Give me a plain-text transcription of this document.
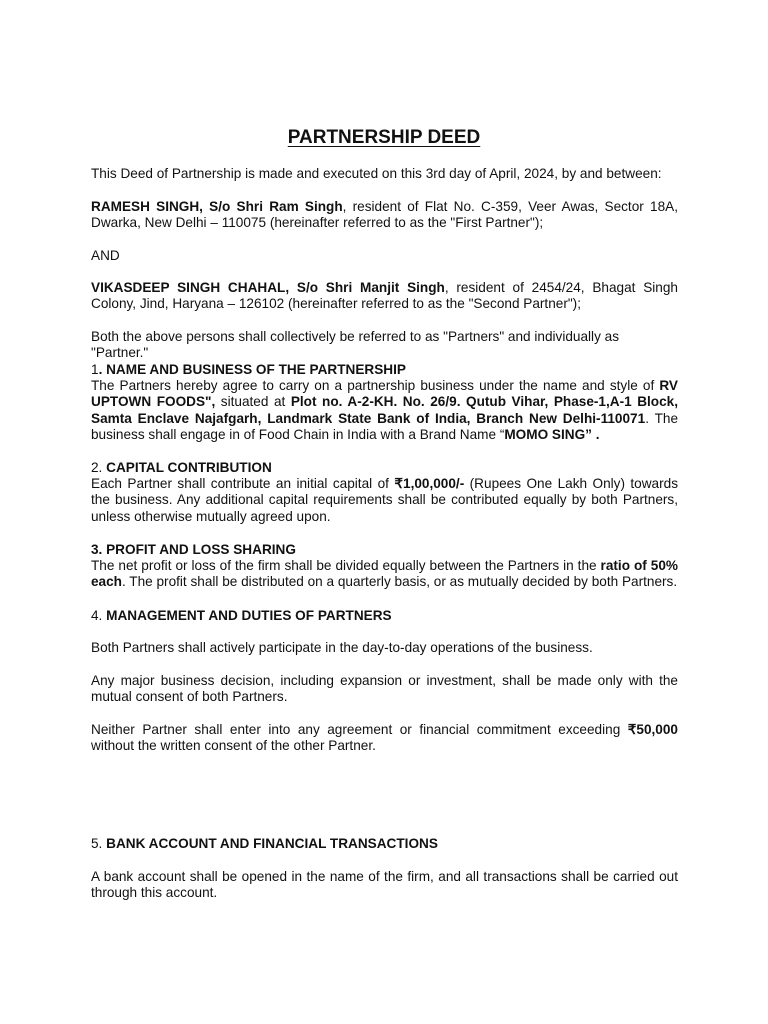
PARTNERSHIP DEED
This Deed of Partnership is made and executed on this 3rd day of April, 2024, by and between:
RAMESH SINGH, S/o Shri Ram Singh, resident of Flat No. C-359, Veer Awas, Sector 18A, Dwarka, New Delhi – 110075 (hereinafter referred to as the "First Partner");
AND
VIKASDEEP SINGH CHAHAL, S/o Shri Manjit Singh, resident of 2454/24, Bhagat Singh Colony, Jind, Haryana – 126102 (hereinafter referred to as the "Second Partner");
Both the above persons shall collectively be referred to as "Partners" and individually as "Partner."
1. NAME AND BUSINESS OF THE PARTNERSHIP
The Partners hereby agree to carry on a partnership business under the name and style of RV UPTOWN FOODS", situated at Plot no. A-2-KH. No. 26/9. Qutub Vihar, Phase-1,A-1 Block, Samta Enclave Najafgarh, Landmark State Bank of India, Branch New Delhi-110071. The business shall engage in of Food Chain in India with a Brand Name “MOMO SING” .
2. CAPITAL CONTRIBUTION
Each Partner shall contribute an initial capital of ₹1,00,000/- (Rupees One Lakh Only) towards the business. Any additional capital requirements shall be contributed equally by both Partners, unless otherwise mutually agreed upon.
3. PROFIT AND LOSS SHARING
The net profit or loss of the firm shall be divided equally between the Partners in the ratio of 50% each. The profit shall be distributed on a quarterly basis, or as mutually decided by both Partners.
4. MANAGEMENT AND DUTIES OF PARTNERS
Both Partners shall actively participate in the day-to-day operations of the business.
Any major business decision, including expansion or investment, shall be made only with the mutual consent of both Partners.
Neither Partner shall enter into any agreement or financial commitment exceeding ₹50,000 without the written consent of the other Partner.
5. BANK ACCOUNT AND FINANCIAL TRANSACTIONS
A bank account shall be opened in the name of the firm, and all transactions shall be carried out through this account.
